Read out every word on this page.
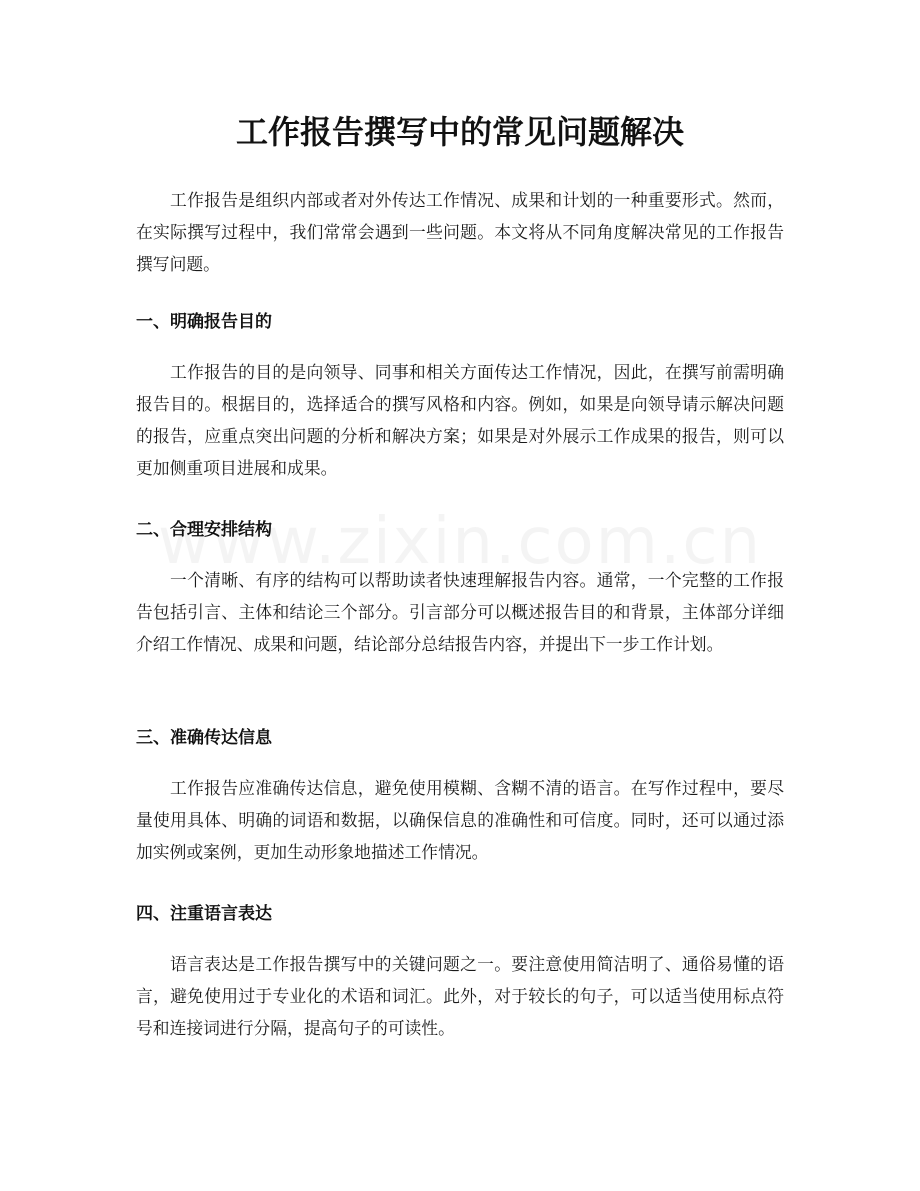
工作报告撰写中的常见问题解决

工作报告是组织内部或者对外传达工作情况、成果和计划的一种重要形式。然而，在实际撰写过程中，我们常常会遇到一些问题。本文将从不同角度解决常见的工作报告撰写问题。

一、明确报告目的

工作报告的目的是向领导、同事和相关方面传达工作情况，因此，在撰写前需明确报告目的。根据目的，选择适合的撰写风格和内容。例如，如果是向领导请示解决问题的报告，应重点突出问题的分析和解决方案；如果是对外展示工作成果的报告，则可以更加侧重项目进展和成果。

二、合理安排结构

一个清晰、有序的结构可以帮助读者快速理解报告内容。通常，一个完整的工作报告包括引言、主体和结论三个部分。引言部分可以概述报告目的和背景，主体部分详细介绍工作情况、成果和问题，结论部分总结报告内容，并提出下一步工作计划。

三、准确传达信息

工作报告应准确传达信息，避免使用模糊、含糊不清的语言。在写作过程中，要尽量使用具体、明确的词语和数据，以确保信息的准确性和可信度。同时，还可以通过添加实例或案例，更加生动形象地描述工作情况。

四、注重语言表达

语言表达是工作报告撰写中的关键问题之一。要注意使用简洁明了、通俗易懂的语言，避免使用过于专业化的术语和词汇。此外，对于较长的句子，可以适当使用标点符号和连接词进行分隔，提高句子的可读性。
